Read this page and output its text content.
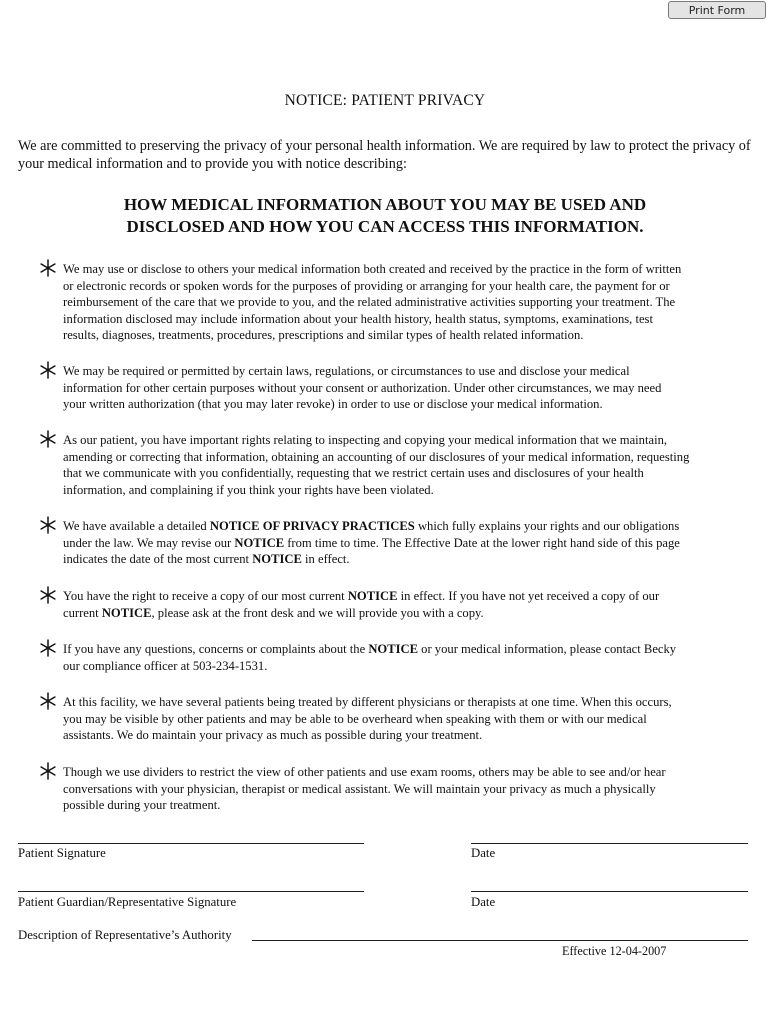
Print Form
NOTICE: PATIENT PRIVACY
We are committed to preserving the privacy of your personal health information. We are required by law to protect the privacy of your medical information and to provide you with notice describing:
HOW MEDICAL INFORMATION ABOUT YOU MAY BE USED AND
DISCLOSED AND HOW YOU CAN ACCESS THIS INFORMATION.
We may use or disclose to others your medical information both created and received by the practice in the form of written
or electronic records or spoken words for the purposes of providing or arranging for your health care, the payment for or
reimbursement of the care that we provide to you, and the related administrative activities supporting your treatment. The
information disclosed may include information about your health history, health status, symptoms, examinations, test
results, diagnoses, treatments, procedures, prescriptions and similar types of health related information.
We may be required or permitted by certain laws, regulations, or circumstances to use and disclose your medical
information for other certain purposes without your consent or authorization. Under other circumstances, we may need
your written authorization (that you may later revoke) in order to use or disclose your medical information.
As our patient, you have important rights relating to inspecting and copying your medical information that we maintain,
amending or correcting that information, obtaining an accounting of our disclosures of your medical information, requesting
that we communicate with you confidentially, requesting that we restrict certain uses and disclosures of your health
information, and complaining if you think your rights have been violated.
We have available a detailed NOTICE OF PRIVACY PRACTICES which fully explains your rights and our obligations
under the law. We may revise our NOTICE from time to time. The Effective Date at the lower right hand side of this page
indicates the date of the most current NOTICE in effect.
You have the right to receive a copy of our most current NOTICE in effect. If you have not yet received a copy of our
current NOTICE, please ask at the front desk and we will provide you with a copy.
If you have any questions, concerns or complaints about the NOTICE or your medical information, please contact Becky
our compliance officer at 503-234-1531.
At this facility, we have several patients being treated by different physicians or therapists at one time. When this occurs,
you may be visible by other patients and may be able to be overheard when speaking with them or with our medical
assistants. We do maintain your privacy as much as possible during your treatment.
Though we use dividers to restrict the view of other patients and use exam rooms, others may be able to see and/or hear
conversations with your physician, therapist or medical assistant. We will maintain your privacy as much a physically
possible during your treatment.
Patient Signature	Date
Patient Guardian/Representative Signature	Date
Description of Representative’s Authority
Effective 12-04-2007
